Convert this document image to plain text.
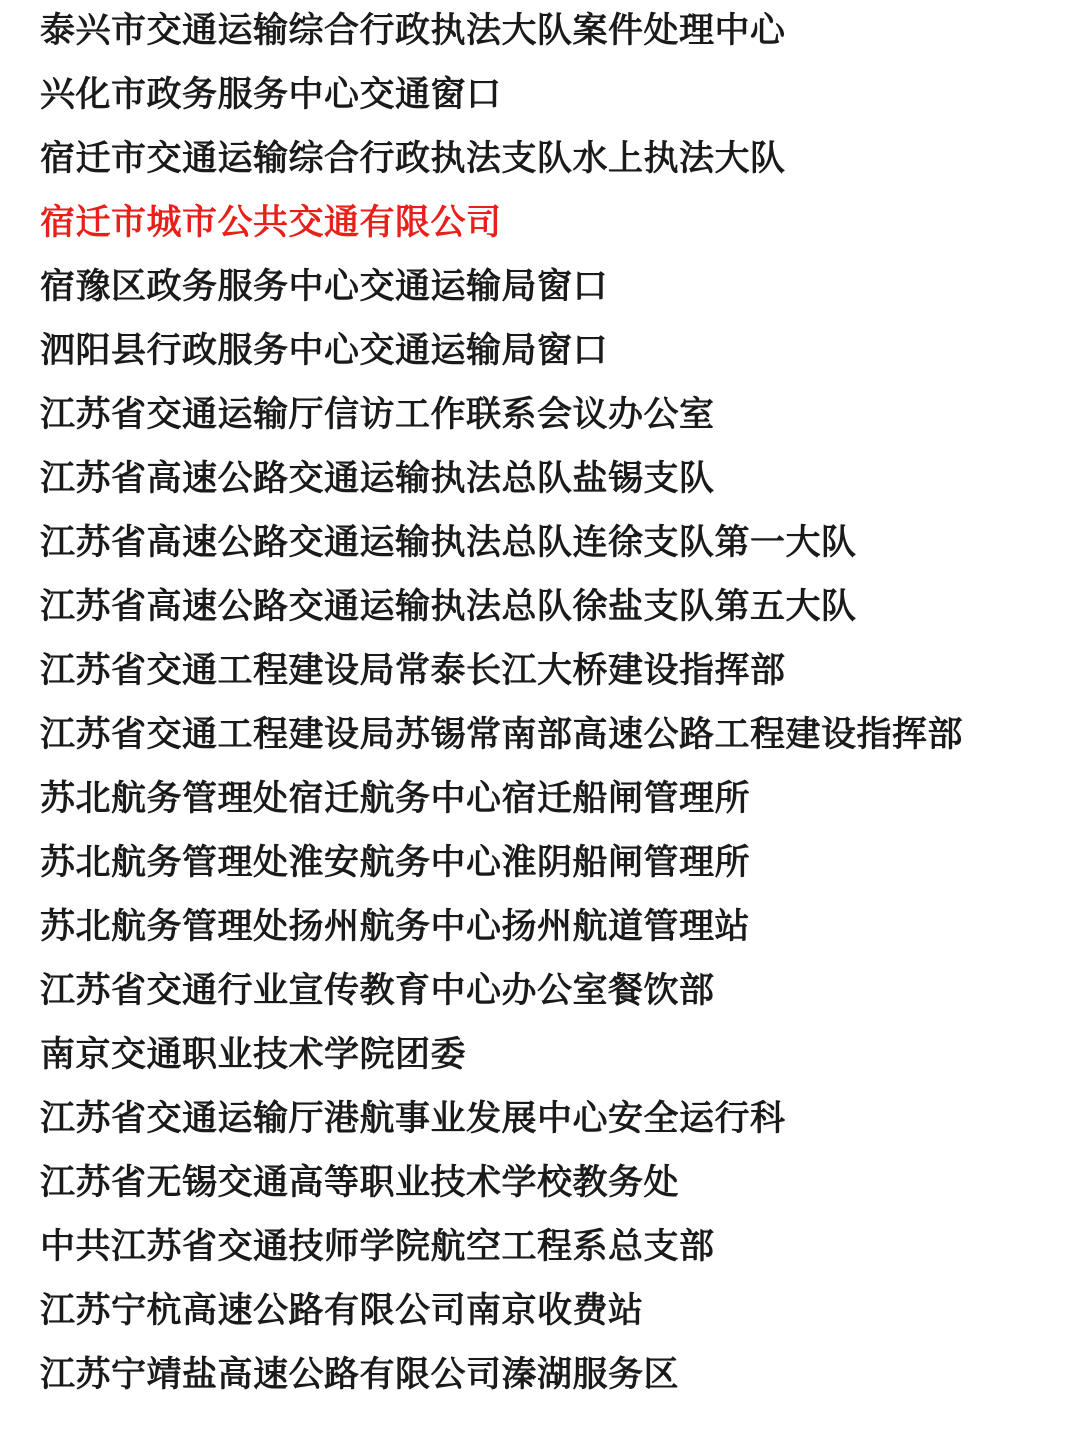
泰兴市交通运输综合行政执法大队案件处理中心
兴化市政务服务中心交通窗口
宿迁市交通运输综合行政执法支队水上执法大队
宿迁市城市公共交通有限公司
宿豫区政务服务中心交通运输局窗口
泗阳县行政服务中心交通运输局窗口
江苏省交通运输厅信访工作联系会议办公室
江苏省高速公路交通运输执法总队盐锡支队
江苏省高速公路交通运输执法总队连徐支队第一大队
江苏省高速公路交通运输执法总队徐盐支队第五大队
江苏省交通工程建设局常泰长江大桥建设指挥部
江苏省交通工程建设局苏锡常南部高速公路工程建设指挥部
苏北航务管理处宿迁航务中心宿迁船闸管理所
苏北航务管理处淮安航务中心淮阴船闸管理所
苏北航务管理处扬州航务中心扬州航道管理站
江苏省交通行业宣传教育中心办公室餐饮部
南京交通职业技术学院团委
江苏省交通运输厅港航事业发展中心安全运行科
江苏省无锡交通高等职业技术学校教务处
中共江苏省交通技师学院航空工程系总支部
江苏宁杭高速公路有限公司南京收费站
江苏宁靖盐高速公路有限公司溱湖服务区
